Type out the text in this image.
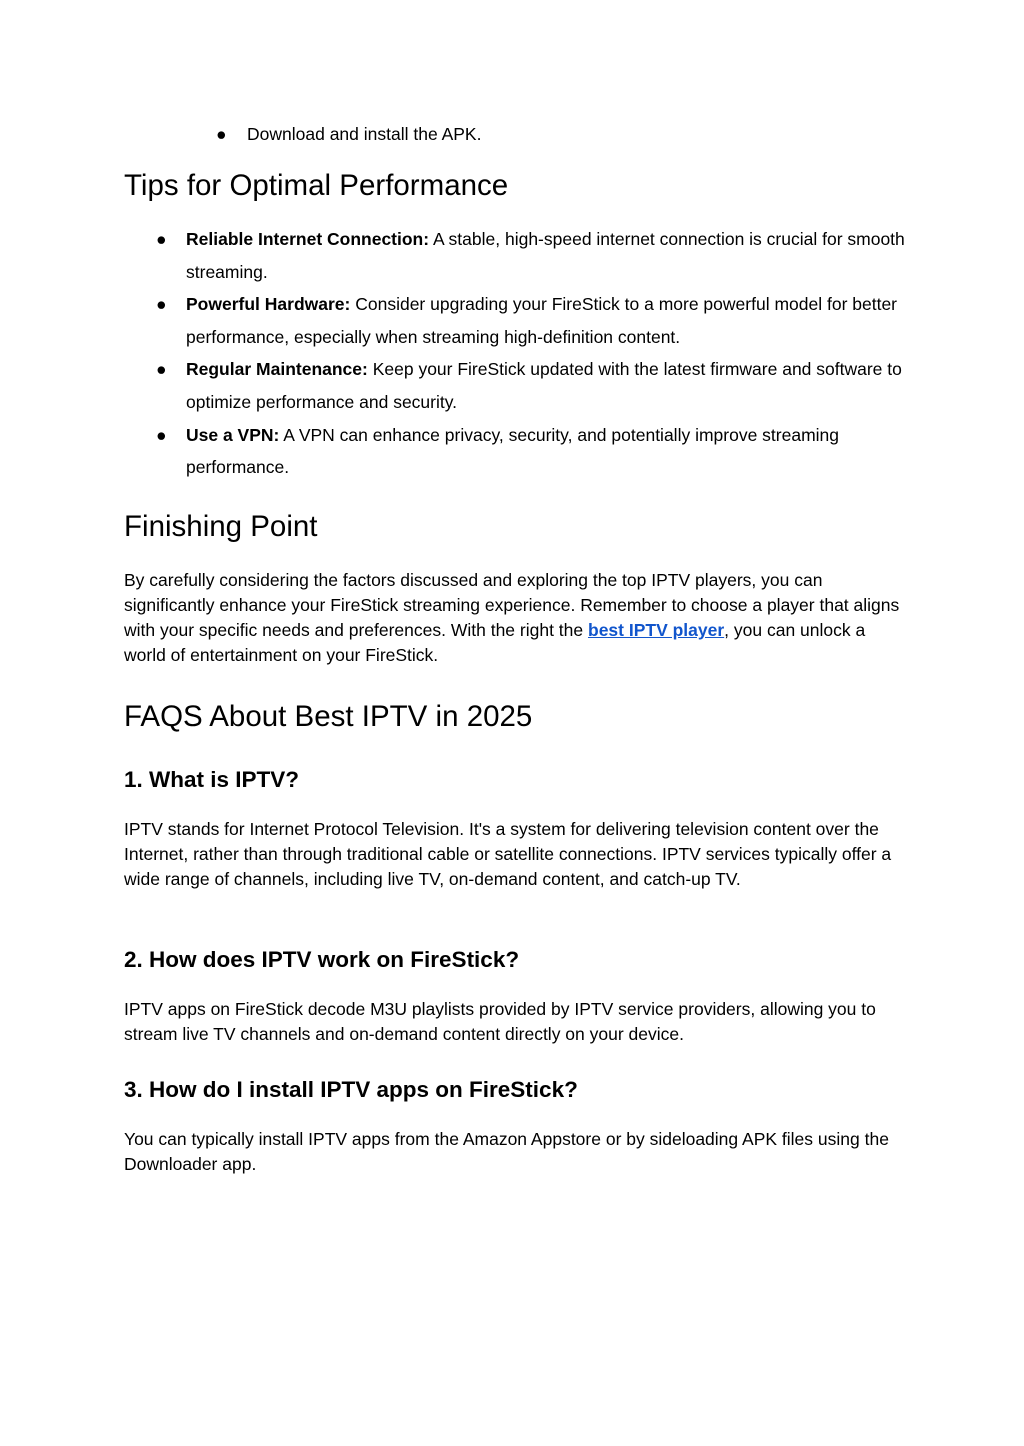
●	Download and install the APK.
Tips for Optimal Performance
● Reliable Internet Connection: A stable, high-speed internet connection is crucial for smooth streaming.
● Powerful Hardware: Consider upgrading your FireStick to a more powerful model for better performance, especially when streaming high-definition content.
● Regular Maintenance: Keep your FireStick updated with the latest firmware and software to optimize performance and security.
● Use a VPN: A VPN can enhance privacy, security, and potentially improve streaming performance.
Finishing Point

By carefully considering the factors discussed and exploring the top IPTV players, you can significantly enhance your FireStick streaming experience. Remember to choose a player that aligns with your specific needs and preferences. With the right the best IPTV player, you can unlock a world of entertainment on your FireStick.

FAQS About Best IPTV in 2025
1. What is IPTV?

IPTV stands for Internet Protocol Television. It's a system for delivering television content over the Internet, rather than through traditional cable or satellite connections. IPTV services typically offer a wide range of channels, including live TV, on-demand content, and catch-up TV.

2. How does IPTV work on FireStick?

IPTV apps on FireStick decode M3U playlists provided by IPTV service providers, allowing you to stream live TV channels and on-demand content directly on your device.

3. How do I install IPTV apps on FireStick?

You can typically install IPTV apps from the Amazon Appstore or by sideloading APK files using the Downloader app.
